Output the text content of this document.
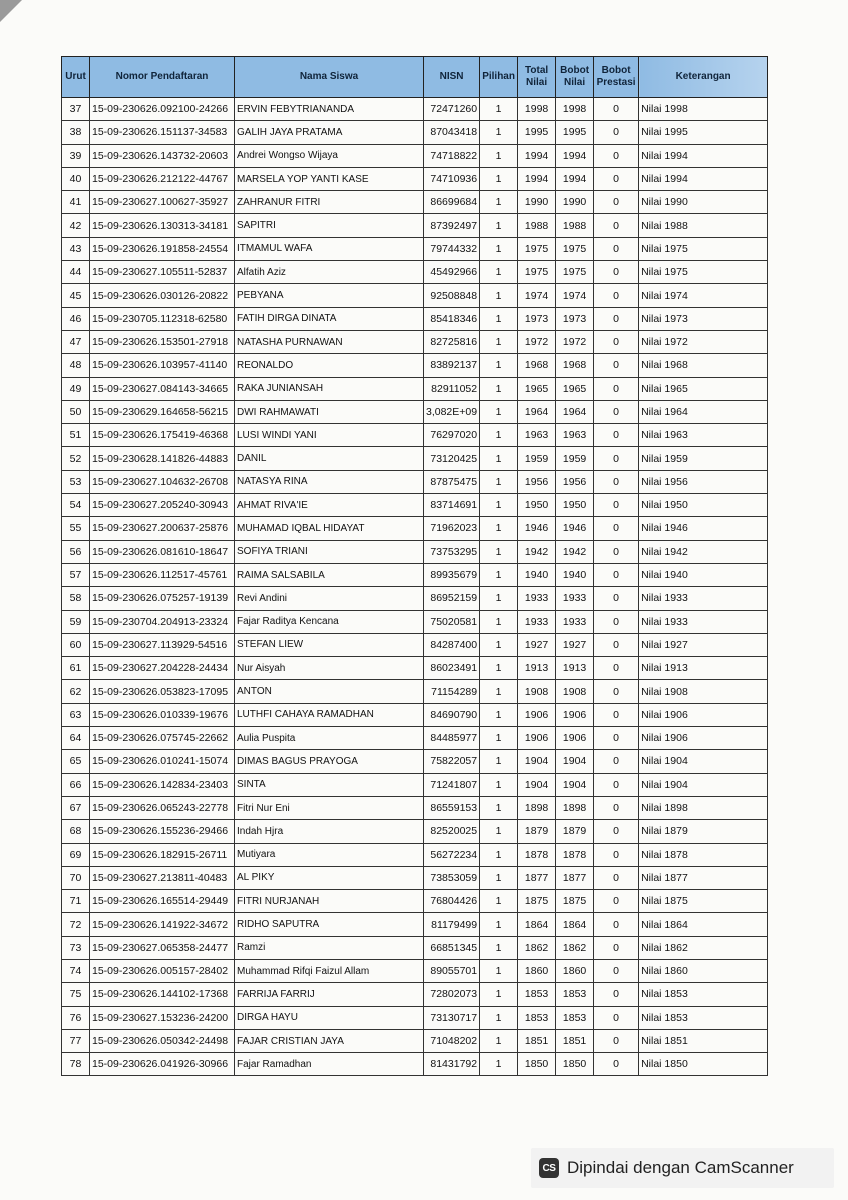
Urut	Nomor Pendaftaran	Nama Siswa	NISN	Pilihan	Total Nilai	Bobot Nilai	Bobot Prestasi	Keterangan
37	15-09-230626.092100-24266	ERVIN FEBYTRIANANDA	72471260	1	1998	1998	0	Nilai 1998
38	15-09-230626.151137-34583	GALIH JAYA PRATAMA	87043418	1	1995	1995	0	Nilai 1995
39	15-09-230626.143732-20603	Andrei Wongso Wijaya	74718822	1	1994	1994	0	Nilai 1994
40	15-09-230626.212122-44767	MARSELA YOP YANTI KASE	74710936	1	1994	1994	0	Nilai 1994
41	15-09-230627.100627-35927	ZAHRANUR FITRI	86699684	1	1990	1990	0	Nilai 1990
42	15-09-230626.130313-34181	SAPITRI	87392497	1	1988	1988	0	Nilai 1988
43	15-09-230626.191858-24554	ITMAMUL WAFA	79744332	1	1975	1975	0	Nilai 1975
44	15-09-230627.105511-52837	Alfatih Aziz	45492966	1	1975	1975	0	Nilai 1975
45	15-09-230626.030126-20822	PEBYANA	92508848	1	1974	1974	0	Nilai 1974
46	15-09-230705.112318-62580	FATIH DIRGA DINATA	85418346	1	1973	1973	0	Nilai 1973
47	15-09-230626.153501-27918	NATASHA PURNAWAN	82725816	1	1972	1972	0	Nilai 1972
48	15-09-230626.103957-41140	REONALDO	83892137	1	1968	1968	0	Nilai 1968
49	15-09-230627.084143-34665	RAKA JUNIANSAH	82911052	1	1965	1965	0	Nilai 1965
50	15-09-230629.164658-56215	DWI RAHMAWATI	3,082E+09	1	1964	1964	0	Nilai 1964
51	15-09-230626.175419-46368	LUSI WINDI YANI	76297020	1	1963	1963	0	Nilai 1963
52	15-09-230628.141826-44883	DANIL	73120425	1	1959	1959	0	Nilai 1959
53	15-09-230627.104632-26708	NATASYA RINA	87875475	1	1956	1956	0	Nilai 1956
54	15-09-230627.205240-30943	AHMAT RIVA'IE	83714691	1	1950	1950	0	Nilai 1950
55	15-09-230627.200637-25876	MUHAMAD IQBAL HIDAYAT	71962023	1	1946	1946	0	Nilai 1946
56	15-09-230626.081610-18647	SOFIYA TRIANI	73753295	1	1942	1942	0	Nilai 1942
57	15-09-230626.112517-45761	RAIMA SALSABILA	89935679	1	1940	1940	0	Nilai 1940
58	15-09-230626.075257-19139	Revi Andini	86952159	1	1933	1933	0	Nilai 1933
59	15-09-230704.204913-23324	Fajar Raditya Kencana	75020581	1	1933	1933	0	Nilai 1933
60	15-09-230627.113929-54516	STEFAN LIEW	84287400	1	1927	1927	0	Nilai 1927
61	15-09-230627.204228-24434	Nur Aisyah	86023491	1	1913	1913	0	Nilai 1913
62	15-09-230626.053823-17095	ANTON	71154289	1	1908	1908	0	Nilai 1908
63	15-09-230626.010339-19676	LUTHFI CAHAYA RAMADHAN	84690790	1	1906	1906	0	Nilai 1906
64	15-09-230626.075745-22662	Aulia Puspita	84485977	1	1906	1906	0	Nilai 1906
65	15-09-230626.010241-15074	DIMAS BAGUS PRAYOGA	75822057	1	1904	1904	0	Nilai 1904
66	15-09-230626.142834-23403	SINTA	71241807	1	1904	1904	0	Nilai 1904
67	15-09-230626.065243-22778	Fitri Nur Eni	86559153	1	1898	1898	0	Nilai 1898
68	15-09-230626.155236-29466	Indah Hjra	82520025	1	1879	1879	0	Nilai 1879
69	15-09-230626.182915-26711	Mutiyara	56272234	1	1878	1878	0	Nilai 1878
70	15-09-230627.213811-40483	AL PIKY	73853059	1	1877	1877	0	Nilai 1877
71	15-09-230626.165514-29449	FITRI NURJANAH	76804426	1	1875	1875	0	Nilai 1875
72	15-09-230626.141922-34672	RIDHO SAPUTRA	81179499	1	1864	1864	0	Nilai 1864
73	15-09-230627.065358-24477	Ramzi	66851345	1	1862	1862	0	Nilai 1862
74	15-09-230626.005157-28402	Muhammad Rifqi Faizul Allam	89055701	1	1860	1860	0	Nilai 1860
75	15-09-230626.144102-17368	FARRIJA FARRIJ	72802073	1	1853	1853	0	Nilai 1853
76	15-09-230627.153236-24200	DIRGA HAYU	73130717	1	1853	1853	0	Nilai 1853
77	15-09-230626.050342-24498	FAJAR CRISTIAN JAYA	71048202	1	1851	1851	0	Nilai 1851
78	15-09-230626.041926-30966	Fajar Ramadhan	81431792	1	1850	1850	0	Nilai 1850
CS Dipindai dengan CamScanner
